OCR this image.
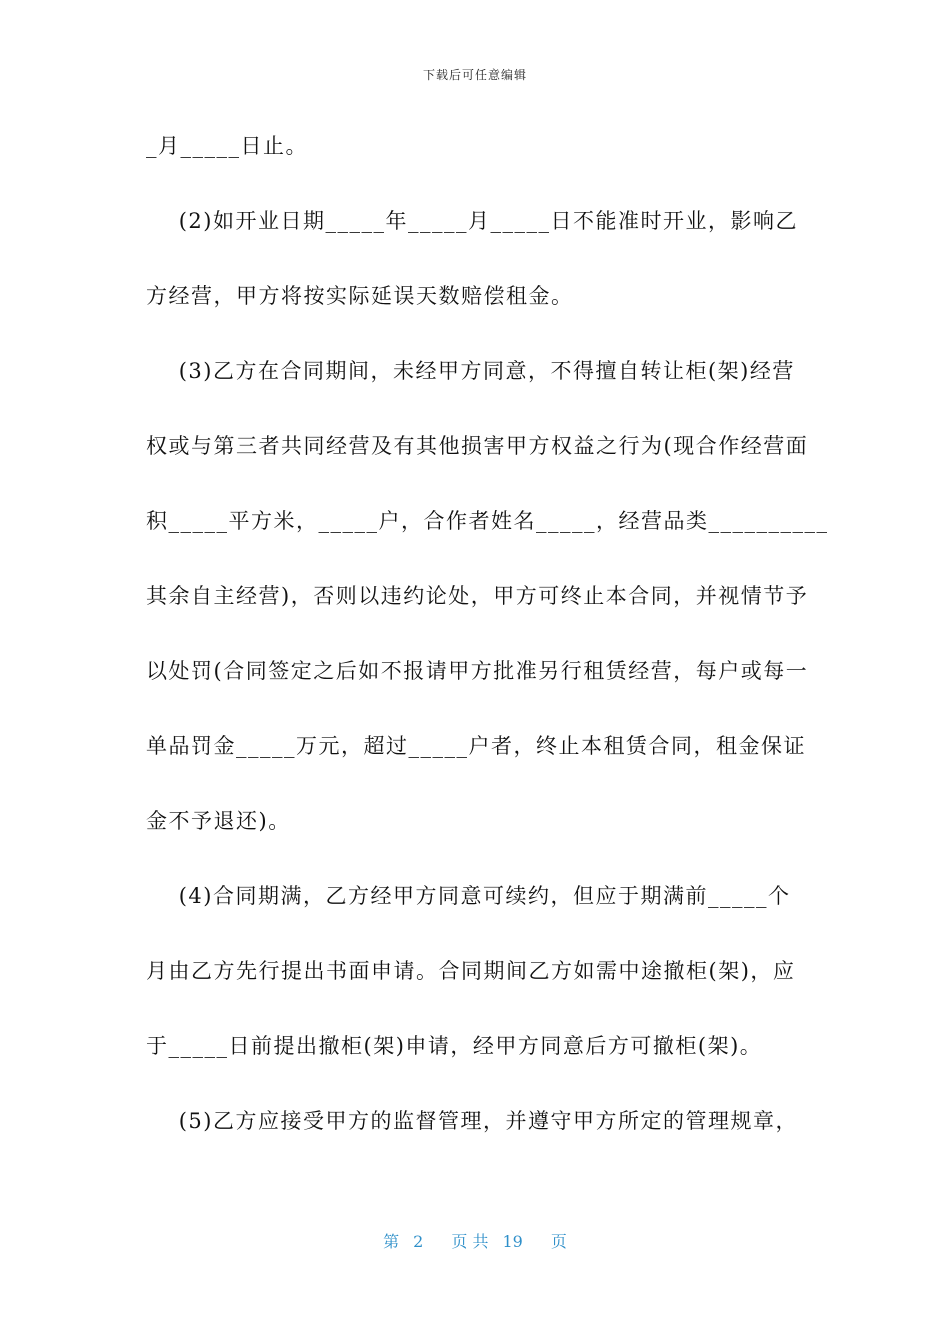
下载后可任意编辑
_月_____日止。
(2)如开业日期_____年_____月_____日不能准时开业，影响乙
方经营，甲方将按实际延误天数赔偿租金。
(3)乙方在合同期间，未经甲方同意，不得擅自转让柜(架)经营
权或与第三者共同经营及有其他损害甲方权益之行为(现合作经营面
积_____平方米，_____户，合作者姓名_____，经营品类__________
其余自主经营)，否则以违约论处，甲方可终止本合同，并视情节予
以处罚(合同签定之后如不报请甲方批准另行租赁经营，每户或每一
单品罚金_____万元，超过_____户者，终止本租赁合同，租金保证
金不予退还)。
(4)合同期满，乙方经甲方同意可续约，但应于期满前_____个
月由乙方先行提出书面申请。合同期间乙方如需中途撤柜(架)，应
于_____日前提出撤柜(架)申请，经甲方同意后方可撤柜(架)。
(5)乙方应接受甲方的监督管理，并遵守甲方所定的管理规章，
第 2 页 共 19 页
